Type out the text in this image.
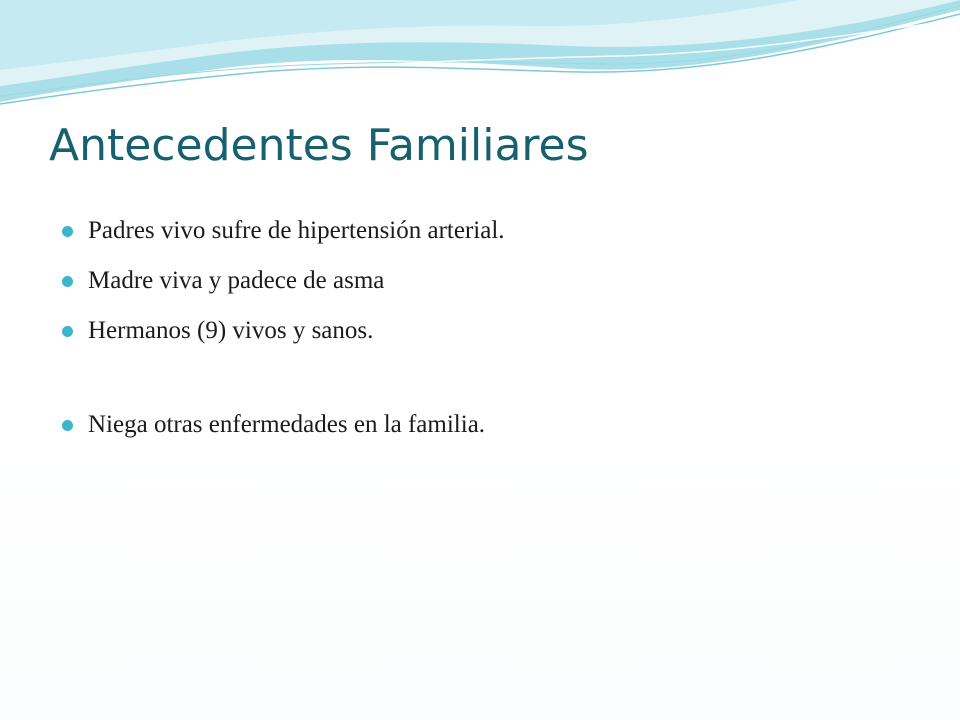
Antecedentes Familiares
Padres vivo sufre de hipertensión arterial.
Madre viva y padece de asma
Hermanos (9) vivos y sanos.
Niega otras enfermedades en la familia.
